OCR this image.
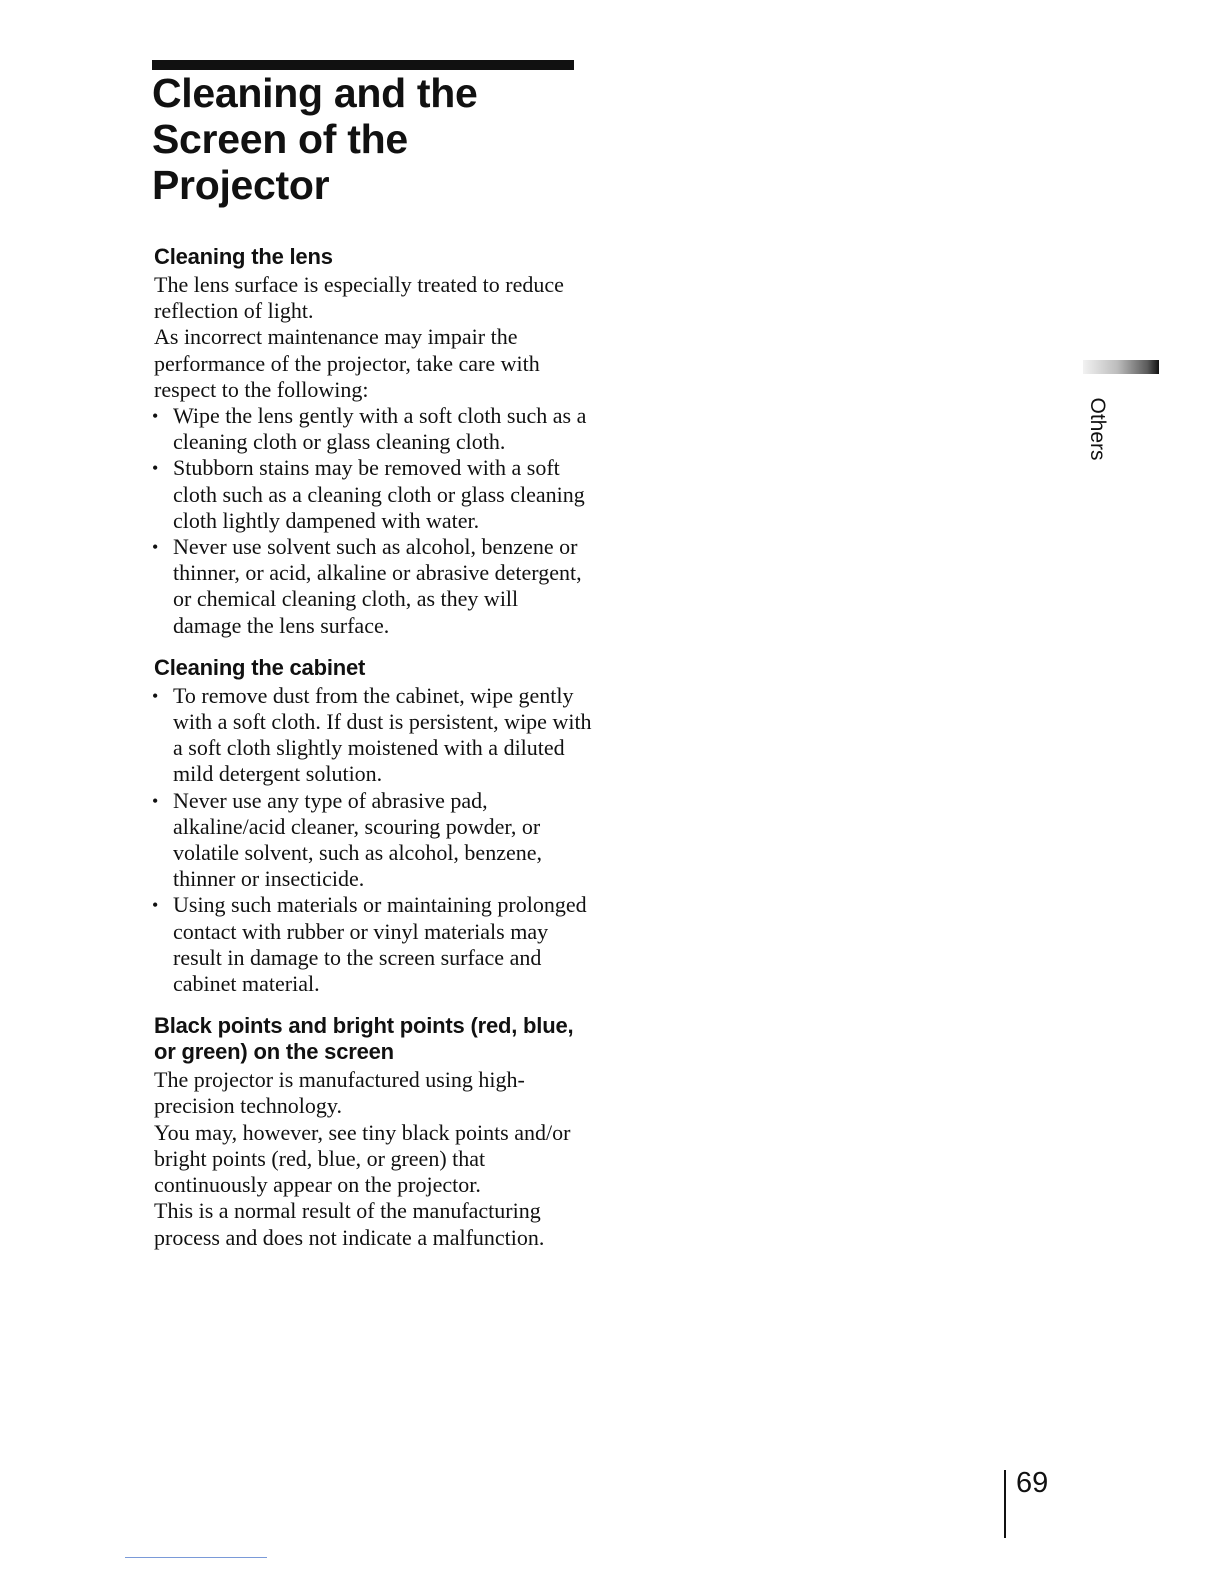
Cleaning and the
Screen of the
Projector
Cleaning the lens

The lens surface is especially treated to reduce reflection of light.

As incorrect maintenance may impair the performance of the projector, take care with respect to the following:

• Wipe the lens gently with a soft cloth such as a cleaning cloth or glass cleaning cloth.
• Stubborn stains may be removed with a soft cloth such as a cleaning cloth or glass cleaning cloth lightly dampened with water.
• Never use solvent such as alcohol, benzene or thinner, or acid, alkaline or abrasive detergent, or chemical cleaning cloth, as they will damage the lens surface.
Cleaning the cabinet
• To remove dust from the cabinet, wipe gently with a soft cloth. If dust is persistent, wipe with a soft cloth slightly moistened with a diluted mild detergent solution.
• Never use any type of abrasive pad, alkaline/acid cleaner, scouring powder, or volatile solvent, such as alcohol, benzene, thinner or insecticide.
• Using such materials or maintaining prolonged contact with rubber or vinyl materials may result in damage to the screen surface and cabinet material.
Black points and bright points (red, blue, or green) on the screen

The projector is manufactured using high-precision technology.

You may, however, see tiny black points and/or bright points (red, blue, or green) that continuously appear on the projector.

This is a normal result of the manufacturing process and does not indicate a malfunction.

Others
69
